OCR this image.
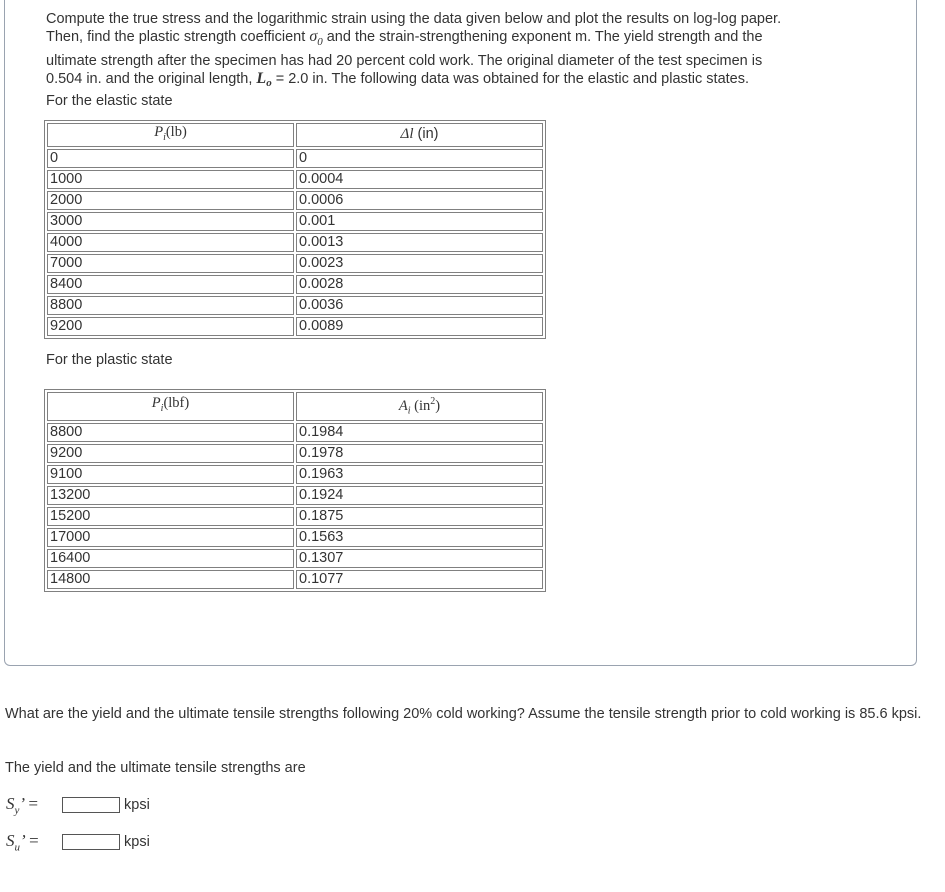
Compute the true stress and the logarithmic strain using the data given below and plot the results on log-log paper.
Then, find the plastic strength coefficient $\sigma_0$ and the strain-strengthening exponent m. The yield strength and the
ultimate strength after the specimen has had 20 percent cold work. The original diameter of the test specimen is
0.504 in. and the original length, $L_o = 2.0$ in. The following data was obtained for the elastic and plastic states.
For the elastic state

$P_i(lb)$	Δl (in)
0	0
1000	0.0004
2000	0.0006
3000	0.001
4000	0.0013
7000	0.0023
8400	0.0028
8800	0.0036
9200	0.0089

For the plastic state

$P_i(lbf)$	$A_i$ $(in^2)$
8800	0.1984
9200	0.1978
9100	0.1963
13200	0.1924
15200	0.1875
17000	0.1563
16400	0.1307
14800	0.1077

What are the yield and the ultimate tensile strengths following 20% cold working? Assume the tensile strength prior to cold working is 85.6 kpsi.

The yield and the ultimate tensile strengths are

$S_y$’ =	kpsi
$S_u$’ =	kpsi
